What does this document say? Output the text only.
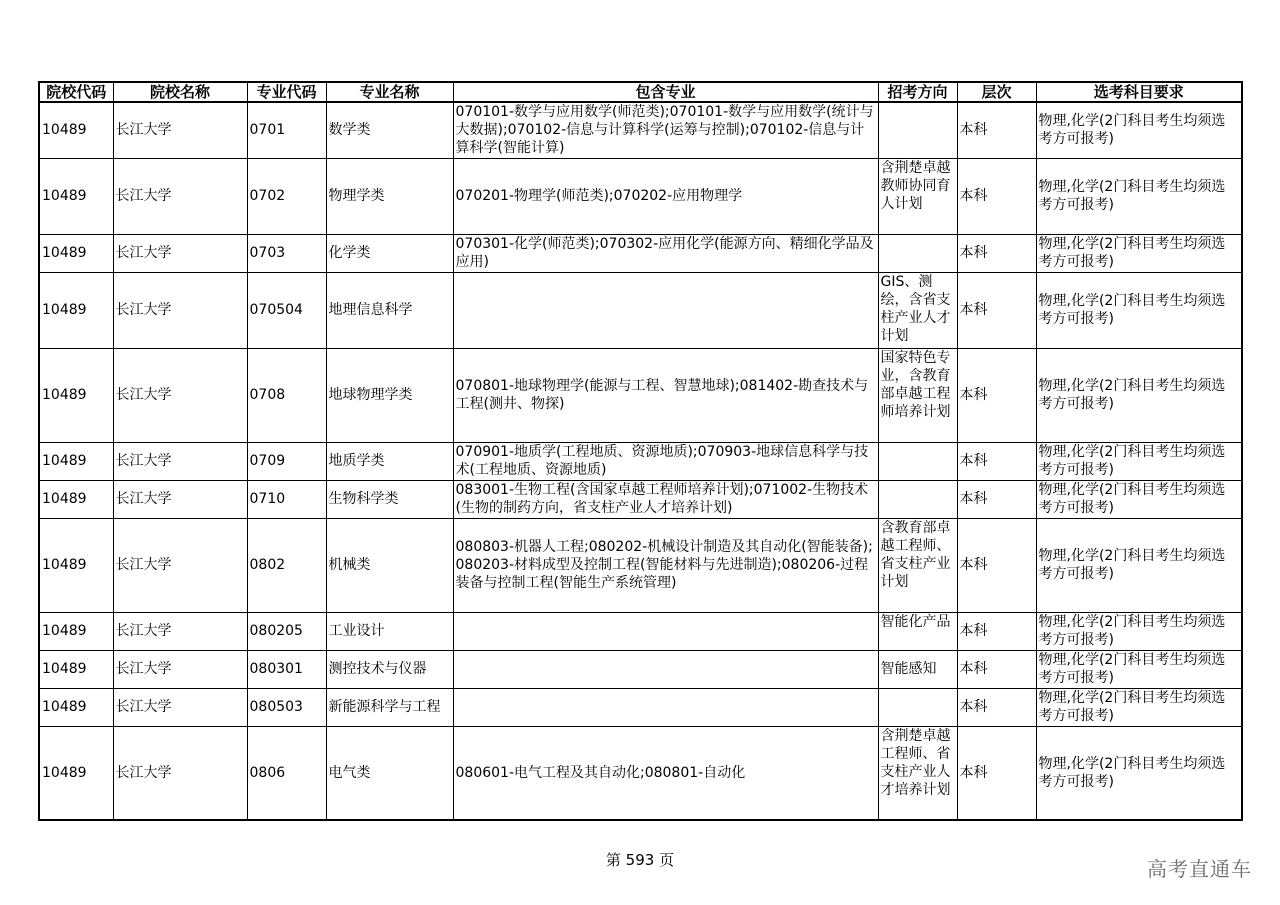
院校代码	院校名称	专业代码	专业名称	包含专业	招考方向	层次	选考科目要求
10489	长江大学	0701	数学类	070101-数学与应用数学(师范类);070101-数学与应用数学(统计与大数据);070102-信息与计算科学(运筹与控制);070102-信息与计算科学(智能计算)		本科	物理,化学(2门科目考生均须选考方可报考)
10489	长江大学	0702	物理学类	070201-物理学(师范类);070202-应用物理学	含荆楚卓越教师协同育人计划	本科	物理,化学(2门科目考生均须选考方可报考)
10489	长江大学	0703	化学类	070301-化学(师范类);070302-应用化学(能源方向、精细化学品及应用)		本科	物理,化学(2门科目考生均须选考方可报考)
10489	长江大学	070504	地理信息科学		GIS、测绘，含省支柱产业人才计划	本科	物理,化学(2门科目考生均须选考方可报考)
10489	长江大学	0708	地球物理学类	070801-地球物理学(能源与工程、智慧地球);081402-勘查技术与工程(测井、物探)	国家特色专业，含教育部卓越工程师培养计划	本科	物理,化学(2门科目考生均须选考方可报考)
10489	长江大学	0709	地质学类	070901-地质学(工程地质、资源地质);070903-地球信息科学与技术(工程地质、资源地质)		本科	物理,化学(2门科目考生均须选考方可报考)
10489	长江大学	0710	生物科学类	083001-生物工程(含国家卓越工程师培养计划);071002-生物技术(生物的制药方向，省支柱产业人才培养计划)		本科	物理,化学(2门科目考生均须选考方可报考)
10489	长江大学	0802	机械类	080803-机器人工程;080202-机械设计制造及其自动化(智能装备);080203-材料成型及控制工程(智能材料与先进制造);080206-过程装备与控制工程(智能生产系统管理)	含教育部卓越工程师、省支柱产业计划	本科	物理,化学(2门科目考生均须选考方可报考)
10489	长江大学	080205	工业设计		智能化产品	本科	物理,化学(2门科目考生均须选考方可报考)
10489	长江大学	080301	测控技术与仪器		智能感知	本科	物理,化学(2门科目考生均须选考方可报考)
10489	长江大学	080503	新能源科学与工程			本科	物理,化学(2门科目考生均须选考方可报考)
10489	长江大学	0806	电气类	080601-电气工程及其自动化;080801-自动化	含荆楚卓越工程师、省支柱产业人才培养计划	本科	物理,化学(2门科目考生均须选考方可报考)
第 593 页	高考直通车
